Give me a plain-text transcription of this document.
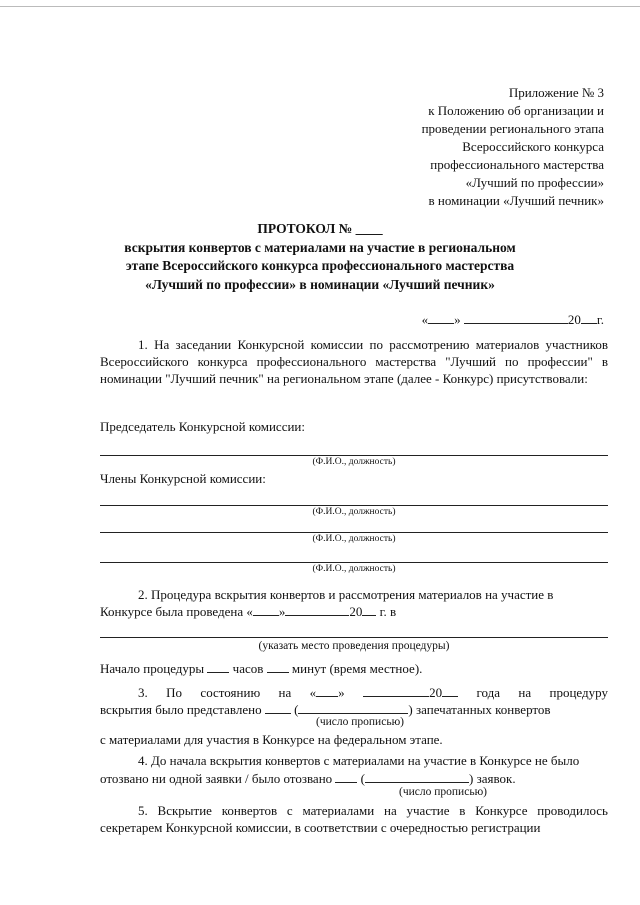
Приложение № 3
к Положению об организации и
проведении регионального этапа
Всероссийского конкурса
профессионального мастерства
«Лучший по профессии»
в номинации «Лучший печник»
ПРОТОКОЛ № ____
вскрытия конвертов с материалами на участие в региональном
этапе Всероссийского конкурса профессионального мастерства
«Лучший по профессии» в номинации «Лучший печник»
« »	20 г.
1. На заседании Конкурсной комиссии по рассмотрению материалов участников Всероссийского конкурса профессионального мастерства "Лучший по профессии" в номинации "Лучший печник" на региональном этапе (далее - Конкурс) присутствовали:
Председатель Конкурсной комиссии:
(Ф.И.О., должность)
Члены Конкурсной комиссии:
(Ф.И.О., должность)
(Ф.И.О., должность)
(Ф.И.О., должность)
2. Процедура вскрытия конвертов и рассмотрения материалов на участие в
Конкурсе была проведена « »	20 г. в
(указать место проведения процедуры)
Начало процедуры часов минут (время местное).
3. По состоянию на « »	20	года на процедуру
вскрытия было представлено  (	) запечатанных конвертов
(число прописью)
с материалами для участия в Конкурсе на федеральном этапе.
4. До начала вскрытия конвертов с материалами на участие в Конкурсе не было
отозвано ни одной заявки / было отозвано  (	) заявок.
(число прописью)
5. Вскрытие конвертов с материалами на участие в Конкурсе проводилось секретарем Конкурсной комиссии, в соответствии с очередностью регистрации
